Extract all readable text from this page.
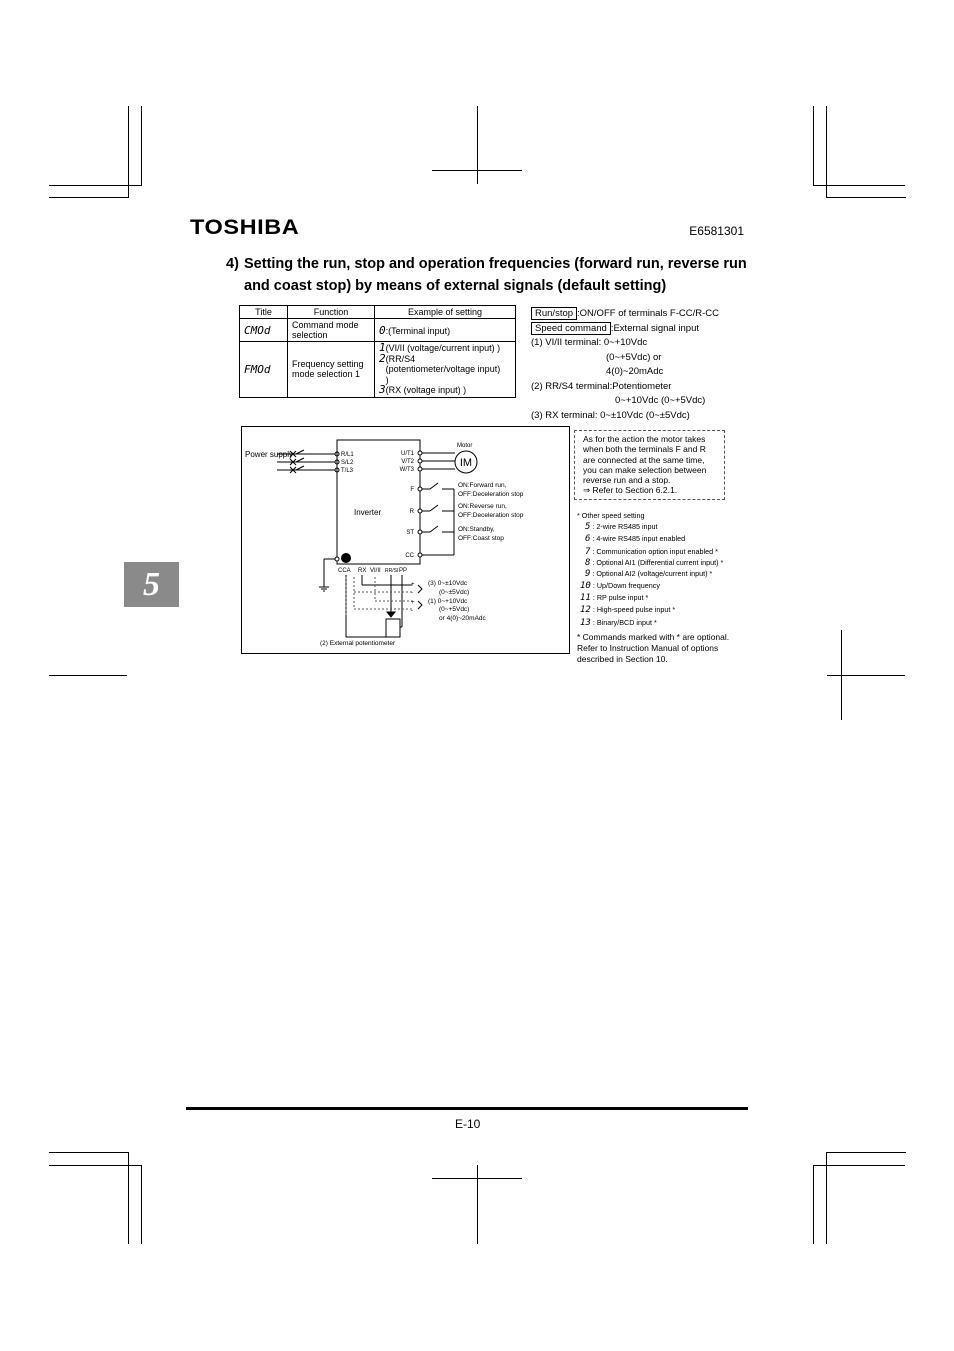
TOSHIBA	E6581301
4) Setting the run, stop and operation frequencies (forward run, reverse run and coast stop) by means of external signals (default setting)
Title	Function	Example of setting
CMOd	Command mode selection	0:(Terminal input)
FMOd	Frequency setting mode selection 1	1(VI/II (voltage/current input) )
2 (RR/S4 (potentiometer/voltage input) )
3(RX (voltage input) )
Run/stop :ON/OFF of terminals F-CC/R-CC
Speed command :External signal input
(1) VI/II terminal: 0~+10Vdc
(0~+5Vdc) or
4(0)~20mAdc
(2) RR/S4 terminal:Potentiometer
0~+10Vdc (0~+5Vdc)
(3) RX terminal: 0~±10Vdc (0~±5Vdc)
5
Power supply	R/L1
S/L2
T/L3
Inverter
U/T1
V/T2
W/T3
Motor
IM
F
R
ST
CC
ON:Forward run,
OFF:Deceleration stop
ON:Reverse run,
OFF:Deceleration stop
ON:Standby,
OFF:Coast stop
CCA RX VI/II RR/SI PP
+
-
+
-
(3) 0~±10Vdc
(0~±5Vdc)
(1) 0~+10Vdc
(0~+5Vdc)
or 4(0)~20mAdc
(2) External potentiometer
As for the action the motor takes when both the terminals F and R are connected at the same time, you can make selection between reverse run and a stop.
⇒ Refer to Section 6.2.1.
* Other speed setting
5 : 2-wire RS485 input
6 : 4-wire RS485 input enabled
7 : Communication option input enabled *
8 : Optional AI1 (Differential current input) *
9 : Optional AI2 (voltage/current input) *
10 : Up/Down frequency
11 : RP pulse input *
12 : High-speed pulse input *
13 : Binary/BCD input *
* Commands marked with * are optional. Refer to Instruction Manual of options described in Section 10.
E-10
